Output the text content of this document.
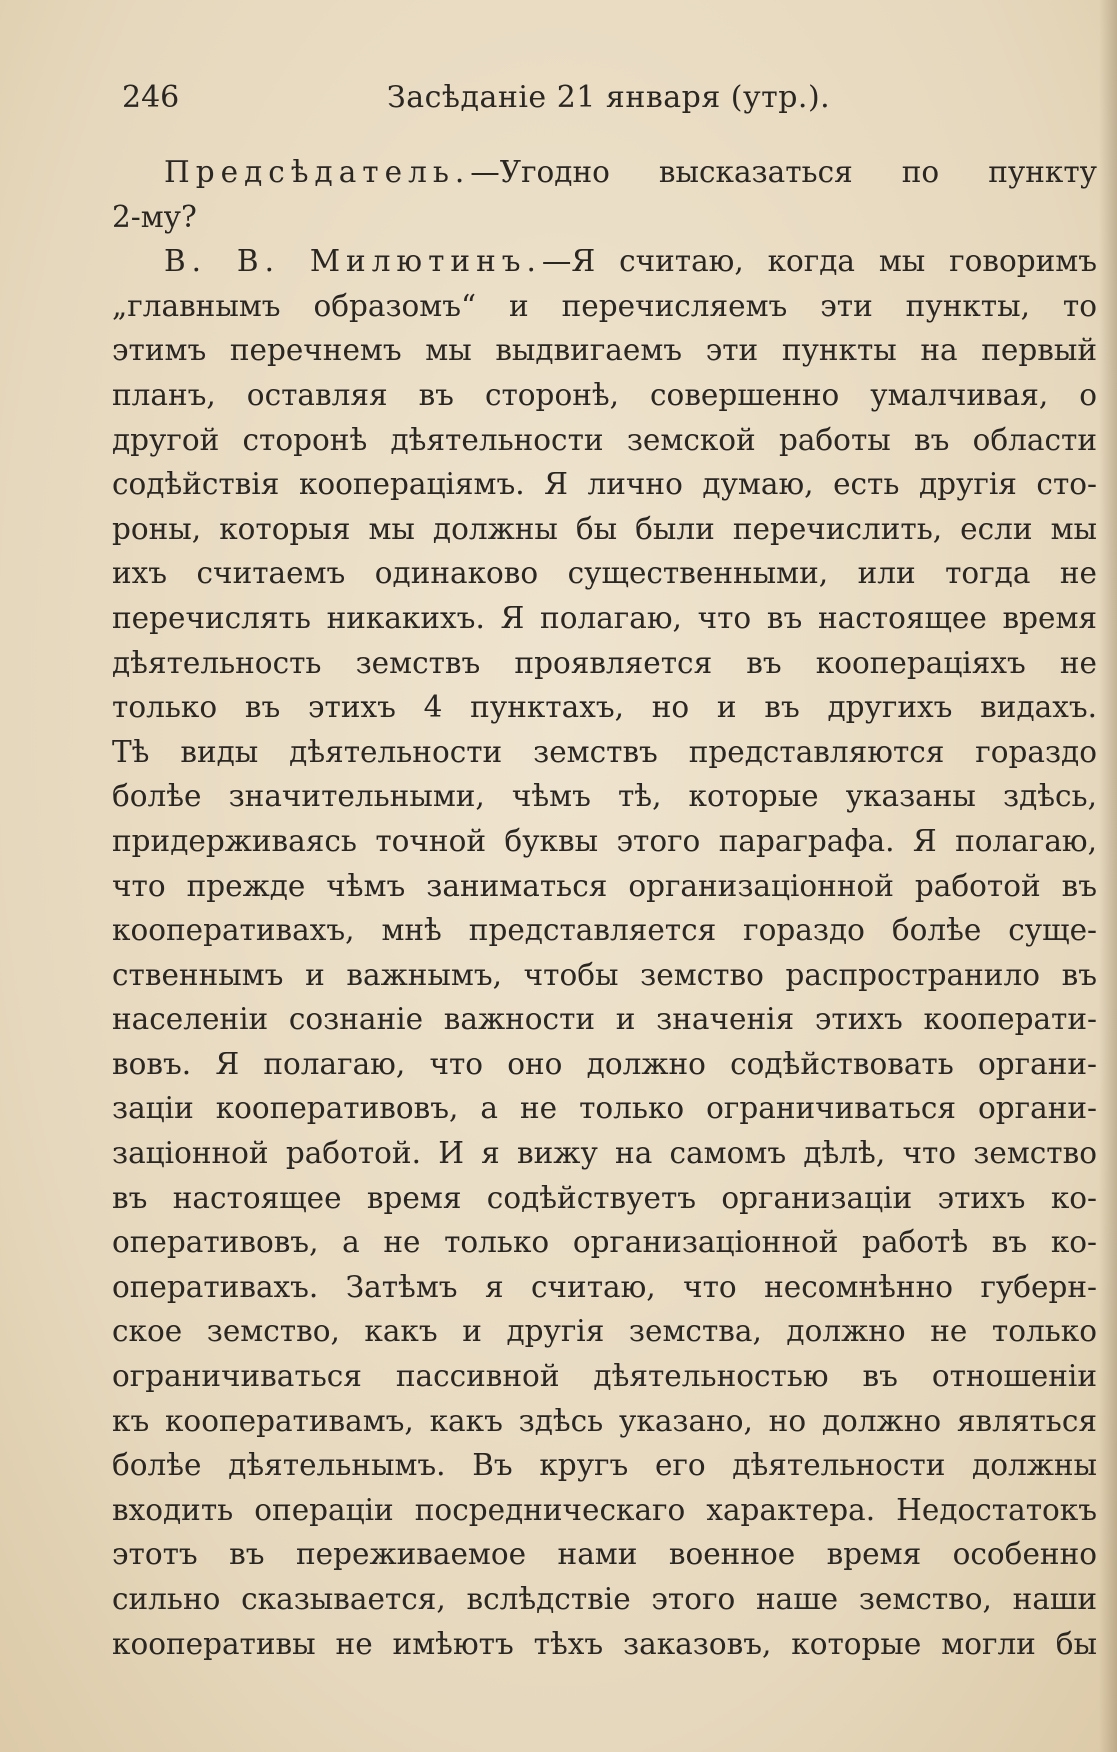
246	Засѣданіе 21 января (утр.).
Предсѣдатель.—Угодно высказаться по пункту
2-му?
В. В. Милютинъ.—Я считаю, когда мы говоримъ
„главнымъ образомъ“ и перечисляемъ эти пункты, то
этимъ перечнемъ мы выдвигаемъ эти пункты на первый
планъ, оставляя въ сторонѣ, совершенно умалчивая, о
другой сторонѣ дѣятельности земской работы въ области
содѣйствія кооперацiямъ. Я лично думаю, есть другія сто-
роны, которыя мы должны бы были перечислить, если мы
ихъ считаемъ одинаково существенными, или тогда не
перечислять никакихъ. Я полагаю, что въ настоящее время
дѣятельность земствъ проявляется въ кооперацiяхъ не
только въ этихъ 4 пунктахъ, но и въ другихъ видахъ.
Тѣ виды дѣятельности земствъ представляются гораздо
болѣе значительными, чѣмъ тѣ, которые указаны здѣсь,
придерживаясь точной буквы этого параграфа. Я полагаю,
что прежде чѣмъ заниматься организацiонной работой въ
кооперативахъ, мнѣ представляется гораздо болѣе суще-
ственнымъ и важнымъ, чтобы земство распространило въ
населенiи сознанiе важности и значенія этихъ кооперати-
вовъ. Я полагаю, что оно должно содѣйствовать органи-
зацiи кооперативовъ, а не только ограничиваться органи-
зацiонной работой. И я вижу на самомъ дѣлѣ, что земство
въ настоящее время содѣйствуетъ организацiи этихъ ко-
оперативовъ, а не только организацiонной работѣ въ ко-
оперативахъ. Затѣмъ я считаю, что несомнѣнно губерн-
ское земство, какъ и другія земства, должно не только
ограничиваться пассивной дѣятельностью въ отношенiи
къ кооперативамъ, какъ здѣсь указано, но должно являться
болѣе дѣятельнымъ. Въ кругъ его дѣятельности должны
входить операцiи посредническаго характера. Недостатокъ
этотъ въ переживаемое нами военное время особенно
сильно сказывается, вслѣдствіе этого наше земство, наши
кооперативы не имѣютъ тѣхъ заказовъ, которые могли бы
